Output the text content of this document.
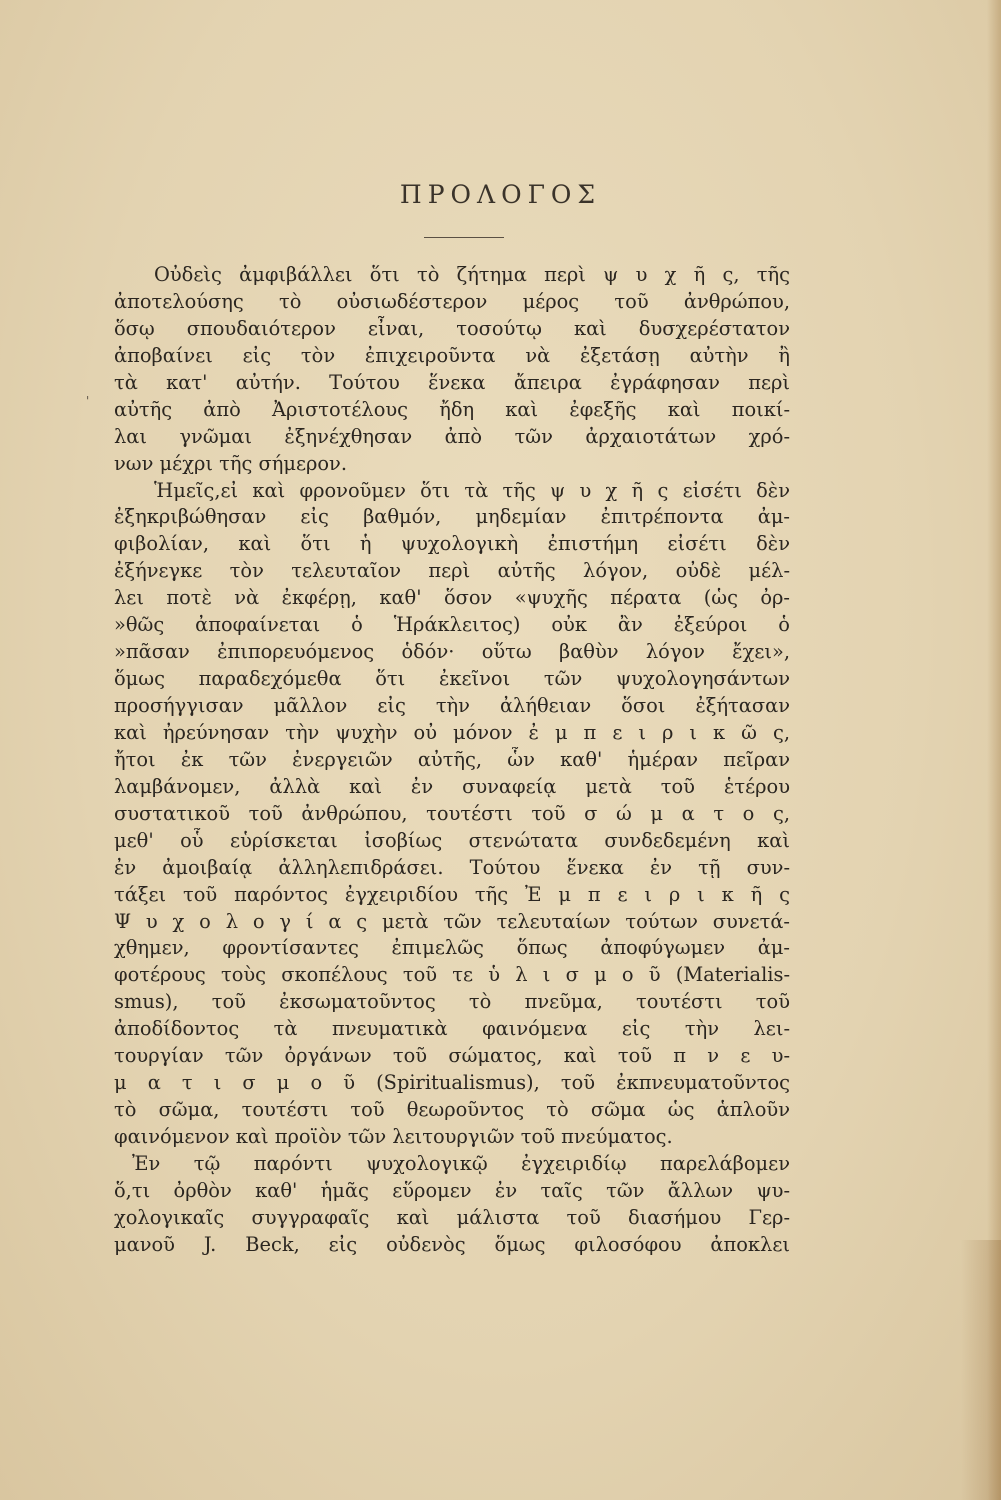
ΠΡΟΛΟΓΟΣ
'
Οὐδεὶς ἀμφιβάλλει ὅτι τὸ ζήτημα περὶ ψ υ χ ῆ ς, τῆς
ἀποτελούσης τὸ οὐσιωδέστερον μέρος τοῦ ἀνθρώπου,
ὅσῳ σπουδαιότερον εἶναι, τοσούτῳ καὶ δυσχερέστατον
ἀποβαίνει εἰς τὸν ἐπιχειροῦντα νὰ ἐξετάσῃ αὐτὴν ἢ
τὰ κατ' αὐτήν. Τούτου ἕνεκα ἄπειρα ἐγράφησαν περὶ
αὐτῆς ἀπὸ Ἀριστοτέλους ἤδη καὶ ἐφεξῆς καὶ ποικί-
λαι γνῶμαι ἐξηνέχθησαν ἀπὸ τῶν ἀρχαιοτάτων χρό-
νων μέχρι τῆς σήμερον.
Ἡμεῖς,εἰ καὶ φρονοῦμεν ὅτι τὰ τῆς ψ υ χ ῆ ς εἰσέτι δὲν
ἐξηκριβώθησαν εἰς βαθμόν, μηδεμίαν ἐπιτρέποντα ἀμ-
φιβολίαν, καὶ ὅτι ἡ ψυχολογικὴ ἐπιστήμη εἰσέτι δὲν
ἐξήνεγκε τὸν τελευταῖον περὶ αὐτῆς λόγον, οὐδὲ μέλ-
λει ποτὲ νὰ ἐκφέρῃ, καθ' ὅσον «ψυχῆς πέρατα (ὡς ὀρ-
»θῶς ἀποφαίνεται ὁ Ἡράκλειτος) οὐκ ἂν ἐξεύροι ὁ
»πᾶσαν ἐπιπορευόμενος ὁδόν· οὕτω βαθὺν λόγον ἔχει»,
ὅμως παραδεχόμεθα ὅτι ἐκεῖνοι τῶν ψυχολογησάντων
προσήγγισαν μᾶλλον εἰς τὴν ἀλήθειαν ὅσοι ἐξήτασαν
καὶ ἠρεύνησαν τὴν ψυχὴν οὐ μόνον ἐ μ π ε ι ρ ι κ ῶ ς,
ἤτοι ἐκ τῶν ἐνεργειῶν αὐτῆς, ὧν καθ' ἡμέραν πεῖραν
λαμβάνομεν, ἀλλὰ καὶ ἐν συναφείᾳ μετὰ τοῦ ἑτέρου
συστατικοῦ τοῦ ἀνθρώπου, τουτέστι τοῦ σ ώ μ α τ ο ς,
μεθ' οὗ εὑρίσκεται ἰσοβίως στενώτατα συνδεδεμένη καὶ
ἐν ἀμοιβαίᾳ ἀλληλεπιδράσει. Τούτου ἕνεκα ἐν τῇ συν-
τάξει τοῦ παρόντος ἐγχειριδίου τῆς Ἐ μ π ε ι ρ ι κ ῆ ς
Ψ υ χ ο λ ο γ ί α ς μετὰ τῶν τελευταίων τούτων συνετά-
χθημεν, φροντίσαντες ἐπιμελῶς ὅπως ἀποφύγωμεν ἀμ-
φοτέρους τοὺς σκοπέλους τοῦ τε ὑ λ ι σ μ ο ῦ (Materialis-
smus), τοῦ ἐκσωματοῦντος τὸ πνεῦμα, τουτέστι τοῦ
ἀποδίδοντος τὰ πνευματικὰ φαινόμενα εἰς τὴν λει-
τουργίαν τῶν ὀργάνων τοῦ σώματος, καὶ τοῦ π ν ε υ-
μ α τ ι σ μ ο ῦ (Spiritualismus), τοῦ ἐκπνευματοῦντος
τὸ σῶμα, τουτέστι τοῦ θεωροῦντος τὸ σῶμα ὡς ἁπλοῦν
φαινόμενον καὶ προϊὸν τῶν λειτουργιῶν τοῦ πνεύματος.
Ἐν τῷ παρόντι ψυχολογικῷ ἐγχειριδίῳ παρελάβομεν
ὅ,τι ὀρθὸν καθ' ἡμᾶς εὕρομεν ἐν ταῖς τῶν ἄλλων ψυ-
χολογικαῖς συγγραφαῖς καὶ μάλιστα τοῦ διασήμου Γερ-
μανοῦ J. Beck, εἰς οὐδενὸς ὅμως φιλοσόφου ἀποκλει
